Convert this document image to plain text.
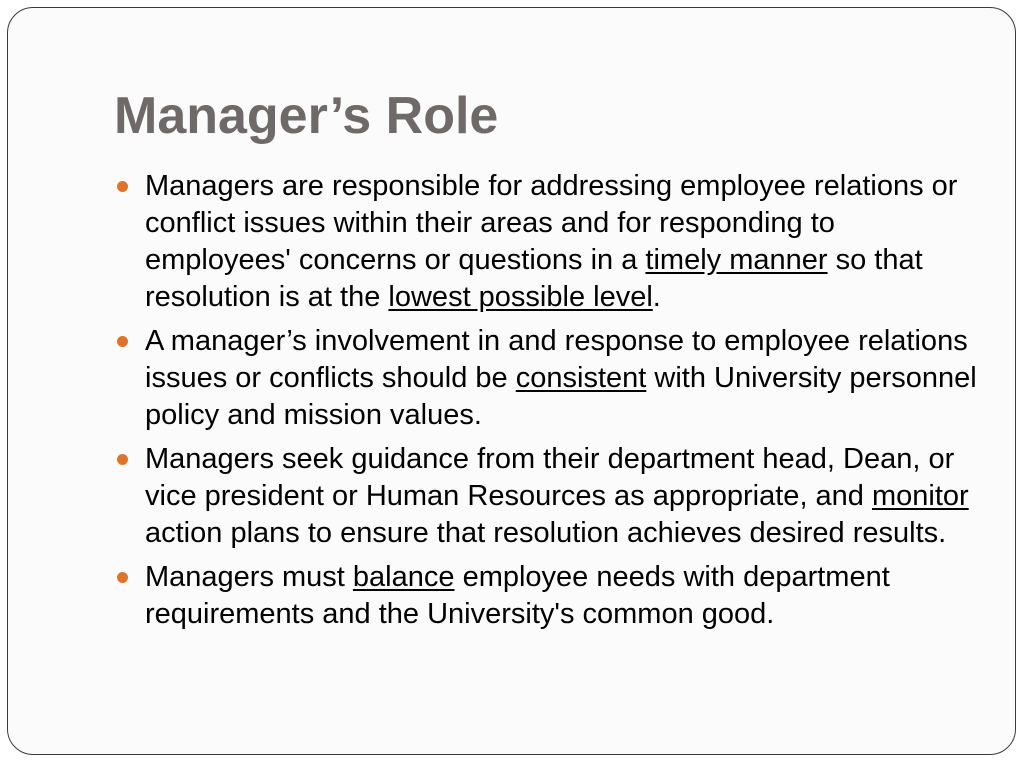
Manager’s Role
Managers are responsible for addressing employee relations or conflict issues within their areas and for responding to employees' concerns or questions in a timely manner so that resolution is at the lowest possible level.
A manager’s involvement in and response to employee relations issues or conflicts should be consistent with University personnel policy and mission values.
Managers seek guidance from their department head, Dean, or vice president or Human Resources as appropriate, and monitor action plans to ensure that resolution achieves desired results.
Managers must balance employee needs with department requirements and the University's common good.
